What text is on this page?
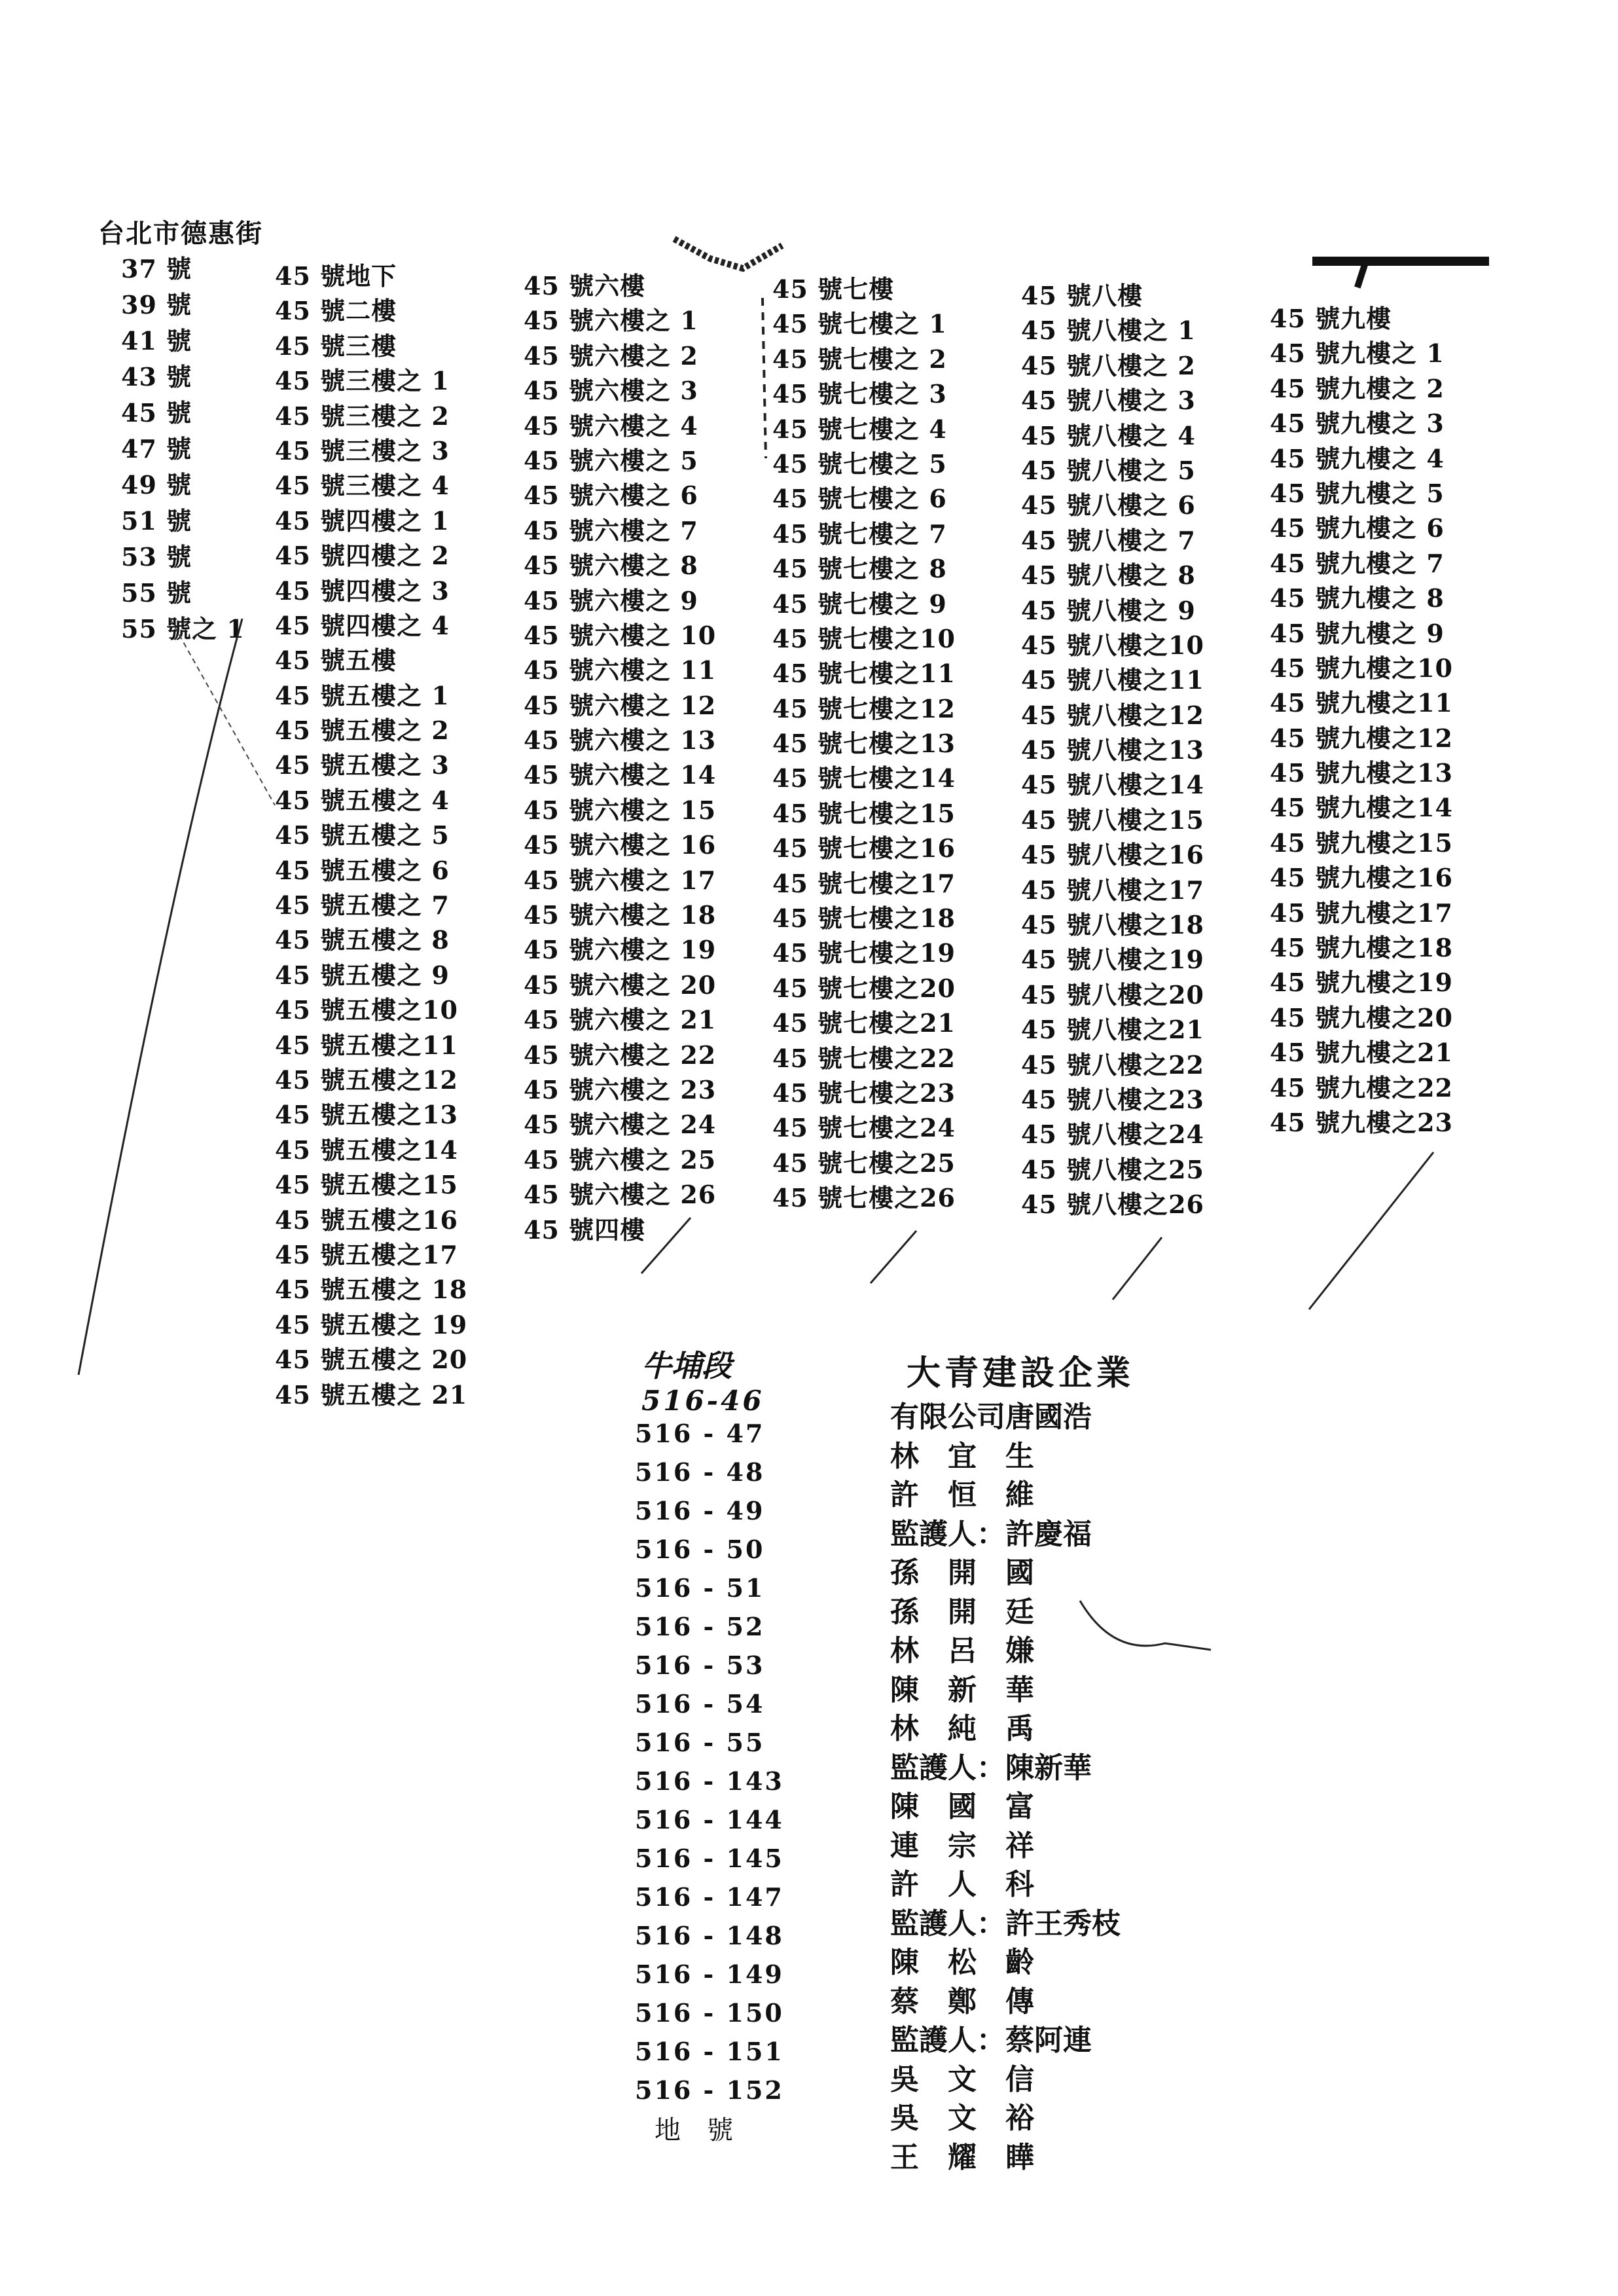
台北市德惠街
37 號
39 號
41 號
43 號
45 號
47 號
49 號
51 號
53 號
55 號
55 號之 1
45 號地下
45 號二樓
45 號三樓
45 號三樓之 1
45 號三樓之 2
45 號三樓之 3
45 號三樓之 4
45 號四樓之 1
45 號四樓之 2
45 號四樓之 3
45 號四樓之 4
45 號五樓
45 號五樓之 1
45 號五樓之 2
45 號五樓之 3
45 號五樓之 4
45 號五樓之 5
45 號五樓之 6
45 號五樓之 7
45 號五樓之 8
45 號五樓之 9
45 號五樓之10
45 號五樓之11
45 號五樓之12
45 號五樓之13
45 號五樓之14
45 號五樓之15
45 號五樓之16
45 號五樓之17
45 號五樓之 18
45 號五樓之 19
45 號五樓之 20
45 號五樓之 21
45 號六樓
45 號六樓之 1
45 號六樓之 2
45 號六樓之 3
45 號六樓之 4
45 號六樓之 5
45 號六樓之 6
45 號六樓之 7
45 號六樓之 8
45 號六樓之 9
45 號六樓之 10
45 號六樓之 11
45 號六樓之 12
45 號六樓之 13
45 號六樓之 14
45 號六樓之 15
45 號六樓之 16
45 號六樓之 17
45 號六樓之 18
45 號六樓之 19
45 號六樓之 20
45 號六樓之 21
45 號六樓之 22
45 號六樓之 23
45 號六樓之 24
45 號六樓之 25
45 號六樓之 26
45 號四樓
45 號七樓
45 號七樓之 1
45 號七樓之 2
45 號七樓之 3
45 號七樓之 4
45 號七樓之 5
45 號七樓之 6
45 號七樓之 7
45 號七樓之 8
45 號七樓之 9
45 號七樓之10
45 號七樓之11
45 號七樓之12
45 號七樓之13
45 號七樓之14
45 號七樓之15
45 號七樓之16
45 號七樓之17
45 號七樓之18
45 號七樓之19
45 號七樓之20
45 號七樓之21
45 號七樓之22
45 號七樓之23
45 號七樓之24
45 號七樓之25
45 號七樓之26
45 號八樓
45 號八樓之 1
45 號八樓之 2
45 號八樓之 3
45 號八樓之 4
45 號八樓之 5
45 號八樓之 6
45 號八樓之 7
45 號八樓之 8
45 號八樓之 9
45 號八樓之10
45 號八樓之11
45 號八樓之12
45 號八樓之13
45 號八樓之14
45 號八樓之15
45 號八樓之16
45 號八樓之17
45 號八樓之18
45 號八樓之19
45 號八樓之20
45 號八樓之21
45 號八樓之22
45 號八樓之23
45 號八樓之24
45 號八樓之25
45 號八樓之26
45 號九樓
45 號九樓之 1
45 號九樓之 2
45 號九樓之 3
45 號九樓之 4
45 號九樓之 5
45 號九樓之 6
45 號九樓之 7
45 號九樓之 8
45 號九樓之 9
45 號九樓之10
45 號九樓之11
45 號九樓之12
45 號九樓之13
45 號九樓之14
45 號九樓之15
45 號九樓之16
45 號九樓之17
45 號九樓之18
45 號九樓之19
45 號九樓之20
45 號九樓之21
45 號九樓之22
45 號九樓之23
牛埔段
516-46
516 - 47
516 - 48
516 - 49
516 - 50
516 - 51
516 - 52
516 - 53
516 - 54
516 - 55
516 - 143
516 - 144
516 - 145
516 - 147
516 - 148
516 - 149
516 - 150
516 - 151
516 - 152
地號
大青建設企業
有限公司唐國浩
林　宜　生
許　恒　維
監護人：許慶福
孫　開　國
孫　開　廷
林　呂　嫌
陳　新　華
林　純　禹
監護人：陳新華
陳　國　富
連　宗　祥
許　人　科
監護人：許王秀枝
陳　松　齡
蔡　鄭　傳
監護人：蔡阿連
吳　文　信
吳　文　裕
王　耀　瞱
